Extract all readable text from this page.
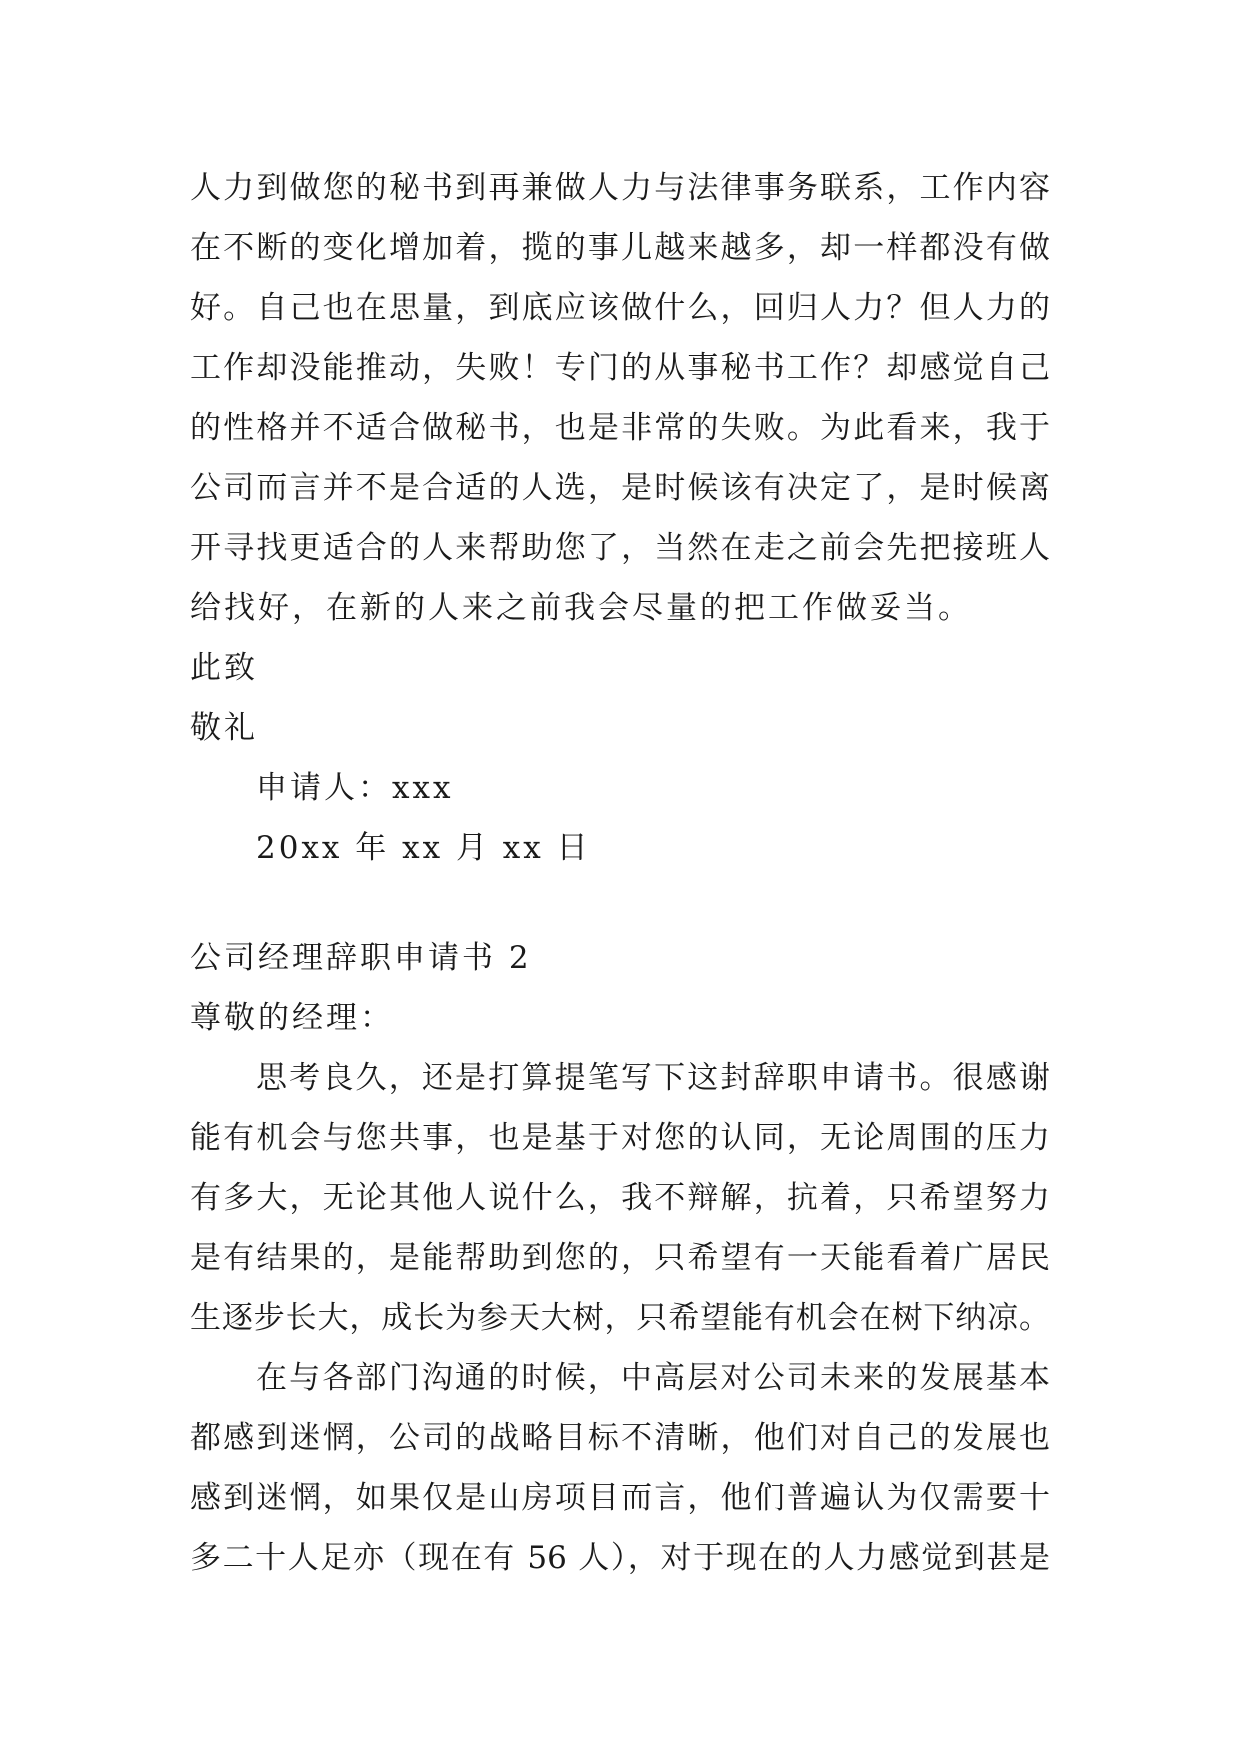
人力到做您的秘书到再兼做人力与法律事务联系，工作内容
在不断的变化增加着，揽的事儿越来越多，却一样都没有做
好。自己也在思量，到底应该做什么，回归人力？但人力的
工作却没能推动，失败！专门的从事秘书工作？却感觉自己
的性格并不适合做秘书，也是非常的失败。为此看来，我于
公司而言并不是合适的人选，是时候该有决定了，是时候离
开寻找更适合的人来帮助您了，当然在走之前会先把接班人
给找好，在新的人来之前我会尽量的把工作做妥当。
此致
敬礼
申请人：xxx
20xx 年 xx 月 xx 日
公司经理辞职申请书 2
尊敬的经理：
思考良久，还是打算提笔写下这封辞职申请书。很感谢
能有机会与您共事，也是基于对您的认同，无论周围的压力
有多大，无论其他人说什么，我不辩解，抗着，只希望努力
是有结果的，是能帮助到您的，只希望有一天能看着广居民
生逐步长大，成长为参天大树，只希望能有机会在树下纳凉。
在与各部门沟通的时候，中高层对公司未来的发展基本
都感到迷惘，公司的战略目标不清晰，他们对自己的发展也
感到迷惘，如果仅是山房项目而言，他们普遍认为仅需要十
多二十人足亦（现在有 56 人），对于现在的人力感觉到甚是
